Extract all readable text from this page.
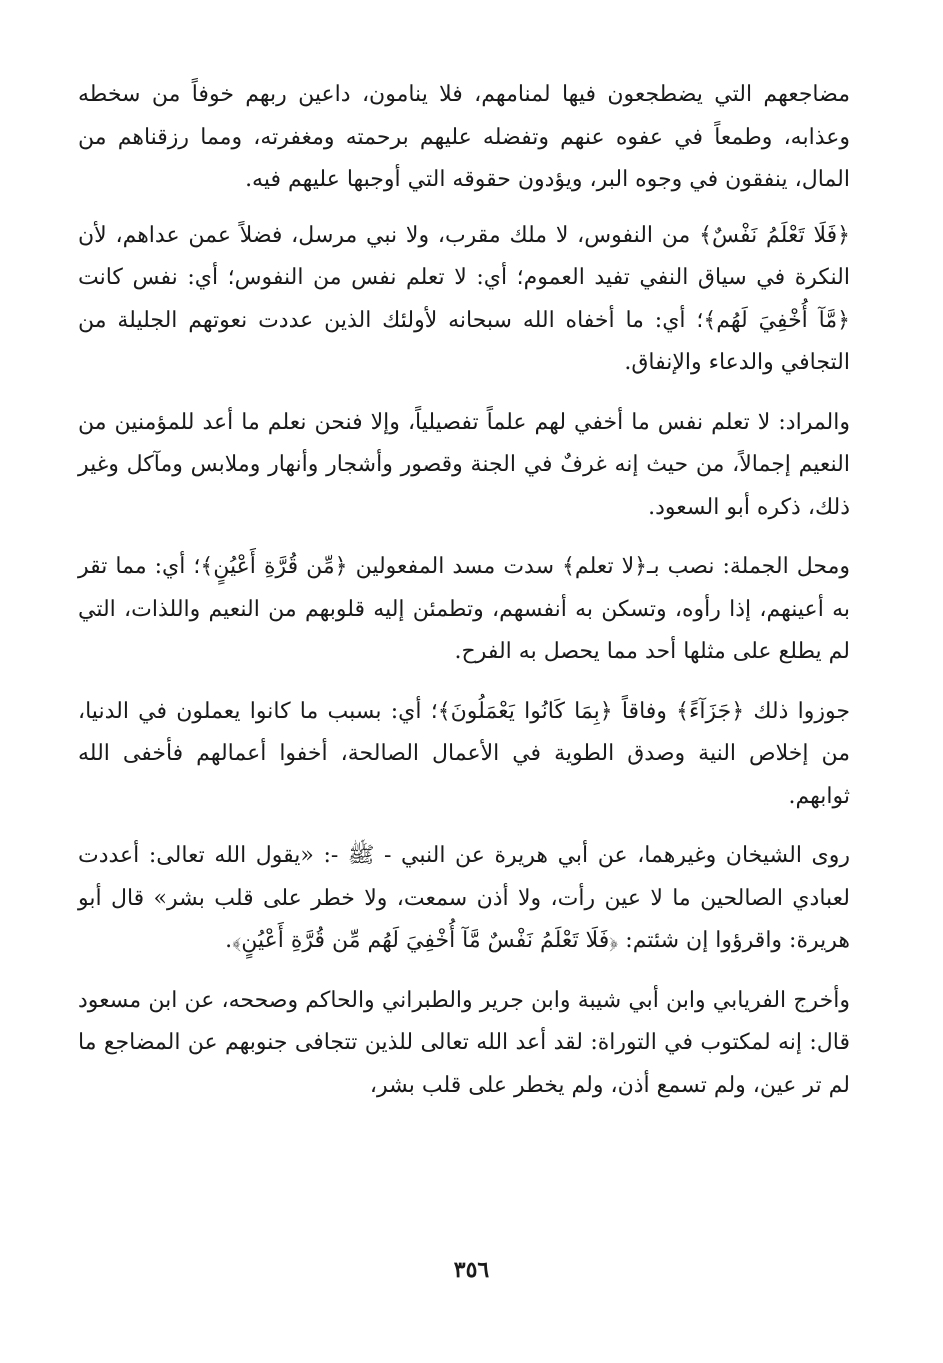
مضاجعهم التي يضطجعون فيها لمنامهم، فلا ينامون، داعين ربهم خوفاً من سخطه وعذابه، وطمعاً في عفوه عنهم وتفضله عليهم برحمته ومغفرته، ومما رزقناهم من المال، ينفقون في وجوه البر، ويؤدون حقوقه التي أوجبها عليهم فيه.

﴿فَلَا تَعْلَمُ نَفْسٌ﴾ من النفوس، لا ملك مقرب، ولا نبي مرسل، فضلاً عمن عداهم، لأن النكرة في سياق النفي تفيد العموم؛ أي: لا تعلم نفس من النفوس؛ أي: نفس كانت ﴿مَّآ أُخْفِيَ لَهُم﴾؛ أي: ما أخفاه الله سبحانه لأولئك الذين عددت نعوتهم الجليلة من التجافي والدعاء والإنفاق.

والمراد: لا تعلم نفس ما أخفي لهم علماً تفصيلياً، وإلا فنحن نعلم ما أعد للمؤمنين من النعيم إجمالاً، من حيث إنه غرفٌ في الجنة وقصور وأشجار وأنهار وملابس ومآكل وغير ذلك، ذكره أبو السعود.

ومحل الجملة: نصب بـ﴿لا تعلم﴾ سدت مسد المفعولين ﴿مِّن قُرَّةِ أَعْيُنٍ﴾؛ أي: مما تقر به أعينهم، إذا رأوه، وتسكن به أنفسهم، وتطمئن إليه قلوبهم من النعيم واللذات، التي لم يطلع على مثلها أحد مما يحصل به الفرح.

جوزوا ذلك ﴿جَزَآءً﴾ وفاقاً ﴿بِمَا كَانُوا يَعْمَلُونَ﴾؛ أي: بسبب ما كانوا يعملون في الدنيا، من إخلاص النية وصدق الطوية في الأعمال الصالحة، أخفوا أعمالهم فأخفى الله ثوابهم.

روى الشيخان وغيرهما، عن أبي هريرة عن النبي - ﷺ -: «يقول الله تعالى: أعددت لعبادي الصالحين ما لا عين رأت، ولا أذن سمعت، ولا خطر على قلب بشر» قال أبو هريرة: واقرؤوا إن شئتم: ﴿فَلَا تَعْلَمُ نَفْسٌ مَّآ أُخْفِيَ لَهُم مِّن قُرَّةِ أَعْيُنٍ﴾.

وأخرج الفريابي وابن أبي شيبة وابن جرير والطبراني والحاكم وصححه، عن ابن مسعود قال: إنه لمكتوب في التوراة: لقد أعد الله تعالى للذين تتجافى جنوبهم عن المضاجع ما لم تر عين، ولم تسمع أذن، ولم يخطر على قلب بشر،

٣٥٦
